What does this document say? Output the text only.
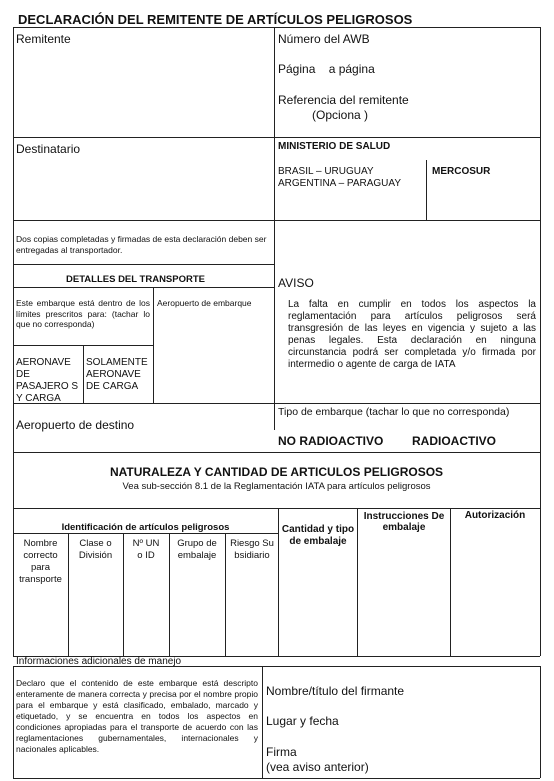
DECLARACIÓN DEL REMITENTE DE ARTÍCULOS PELIGROSOS
Remitente	Número del AWB
Página    a página
Referencia del remitente
(Opciona )
Destinatario	MINISTERIO DE SALUD
BRASIL – URUGUAY
ARGENTINA – PARAGUAY
MERCOSUR
Dos copias completadas y firmadas de esta declaración deben ser entregadas al transportador.
DETALLES DEL TRANSPORTE
Este embarque está dentro de los límites prescritos para: (tachar lo que no corresponda)
Aeropuerto de embarque
AERONAVE DE PASAJERO S Y CARGA
SOLAMENTE AERONAVE DE CARGA
Aeropuerto de destino
AVISO
La falta en cumplir en todos los aspectos la reglamentación para artículos peligrosos será transgresión de las leyes en vigencia y sujeto a las penas legales. Esta declaración en ninguna circunstancia podrá ser completada y/o firmada por intermedio o agente de carga de IATA
Tipo de embarque (tachar lo que no corresponda)
NO RADIOACTIVO RADIOACTIVO
NATURALEZA Y CANTIDAD DE ARTICULOS PELIGROSOS
Vea sub-sección 8.1 de la Reglamentación IATA para artículos peligrosos
Identificación de artículos peligrosos
Nombre correcto para transporte
Clase o División
Nº UN o ID
Grupo de embalaje
Riesgo Subsidiario
Cantidad y tipo de embalaje
Instrucciones De embalaje
Autorización
Informaciones adicionales de manejo
Declaro que el contenido de este embarque está descripto enteramente de manera correcta y precisa por el nombre propio para el embarque y está clasificado, embalado, marcado y etiquetado, y se encuentra en todos los aspectos en condiciones apropiadas para el transporte de acuerdo con las reglamentaciones gubernamentales, internacionales y nacionales aplicables.
Nombre/título del firmante
Lugar y fecha
Firma
(vea aviso anterior)
